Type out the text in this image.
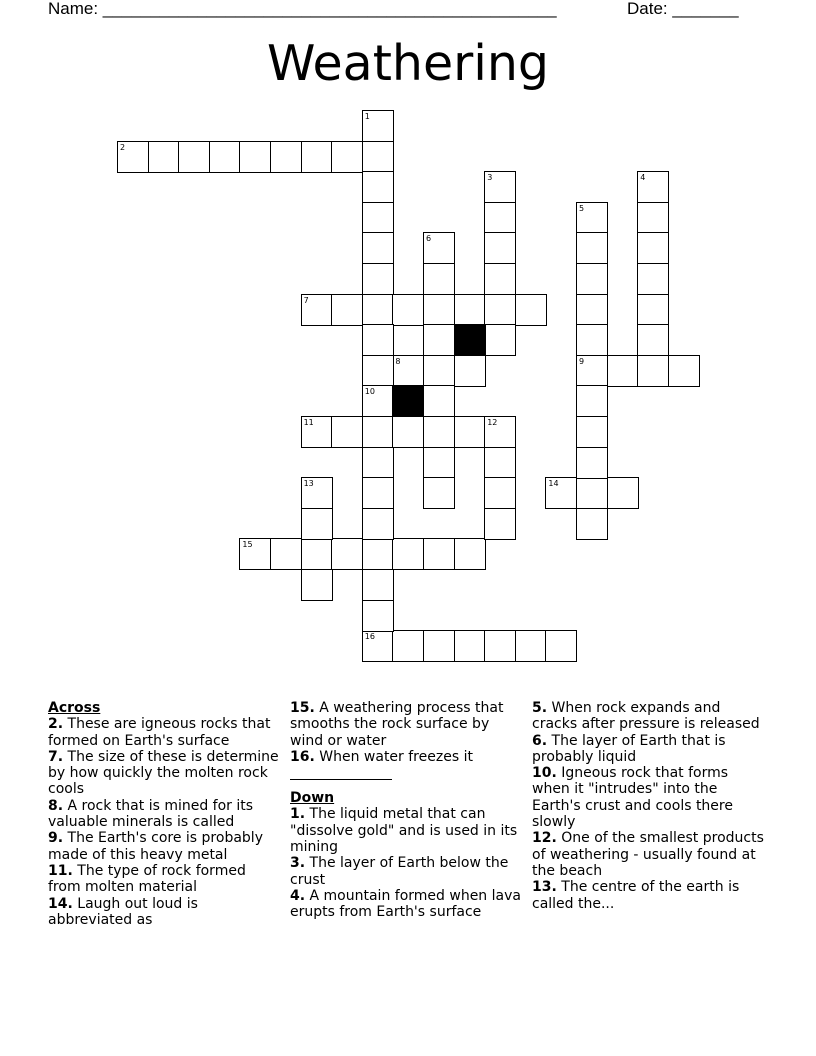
Name: ________________________________________________

	Date: _______

Weathering
2
7
8	9
11	12
14
15
16
1
10
3	4
5
6
13
Across
2. These are igneous rocks that formed on Earth's surface
7. The size of these is determine by how quickly the molten rock cools
8. A rock that is mined for its valuable minerals is called
9. The Earth's core is probably made of this heavy metal
11. The type of rock formed from molten material
14. Laugh out loud is abbreviated as
15. A weathering process that smooths the rock surface by wind or water
16. When water freezes it
Down
1. The liquid metal that can "dissolve gold" and is used in its mining
3. The layer of Earth below the crust
4. A mountain formed when lava erupts from Earth's surface
5. When rock expands and cracks after pressure is released
6. The layer of Earth that is probably liquid
10. Igneous rock that forms when it "intrudes" into the Earth's crust and cools there slowly
12. One of the smallest products of weathering - usually found at the beach
13. The centre of the earth is called the...
